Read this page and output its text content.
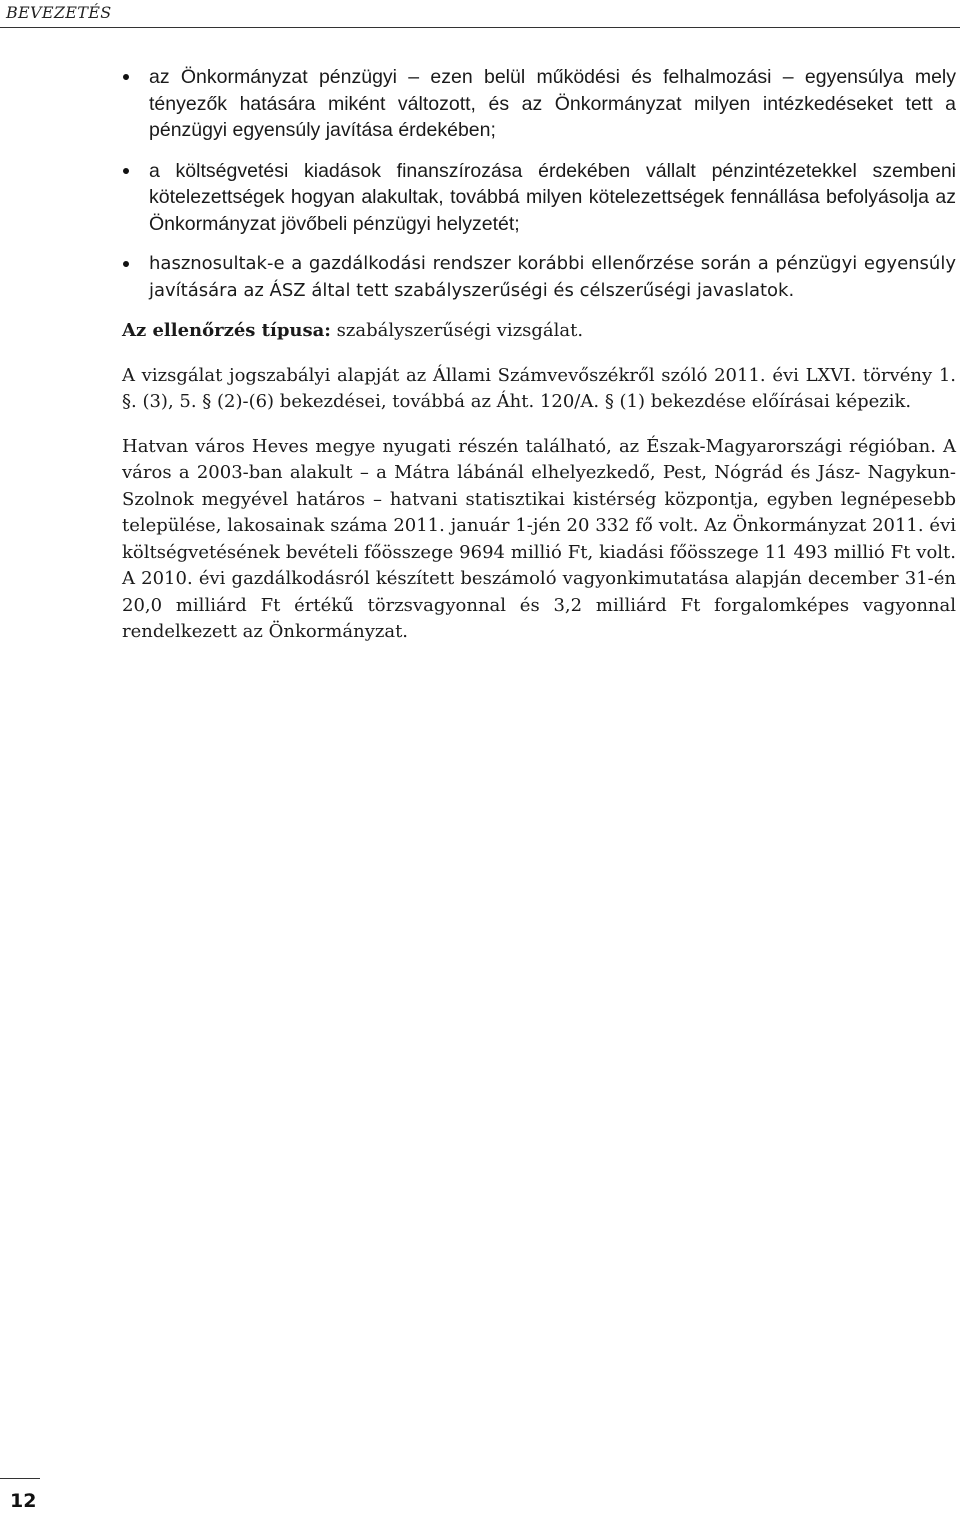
BEVEZETÉS
az Önkormányzat pénzügyi – ezen belül működési és felhalmozási – egyensúlya mely tényezők hatására miként változott, és az Önkormányzat milyen intézkedéseket tett a pénzügyi egyensúly javítása érdekében;
a költségvetési kiadások finanszírozása érdekében vállalt pénzintézetekkel szembeni kötelezettségek hogyan alakultak, továbbá milyen kötelezettségek fennállása befolyásolja az Önkormányzat jövőbeli pénzügyi helyzetét;
hasznosultak-e a gazdálkodási rendszer korábbi ellenőrzése során a pénzügyi egyensúly javítására az ÁSZ által tett szabályszerűségi és célszerűségi javaslatok.

Az ellenőrzés típusa: szabályszerűségi vizsgálat.

A vizsgálat jogszabályi alapját az Állami Számvevőszékről szóló 2011. évi LXVI. törvény 1. §. (3), 5. § (2)-(6) bekezdései, továbbá az Áht. 120/A. § (1) bekezdése előírásai képezik.

Hatvan város Heves megye nyugati részén található, az Észak-Magyarországi régióban. A város a 2003-ban alakult – a Mátra lábánál elhelyezkedő, Pest, Nógrád és Jász- Nagykun-Szolnok megyével határos – hatvani statisztikai kistérség központja, egyben legnépesebb települése, lakosainak száma 2011. január 1-jén 20 332 fő volt. Az Önkormányzat 2011. évi költségvetésének bevételi főösszege 9694 millió Ft, kiadási főösszege 11 493 millió Ft volt. A 2010. évi gazdálkodásról készített beszámoló vagyonkimutatása alapján december 31-én 20,0 milliárd Ft értékű törzsvagyonnal és 3,2 milliárd Ft forgalomképes vagyonnal rendelkezett az Önkormányzat.

12
